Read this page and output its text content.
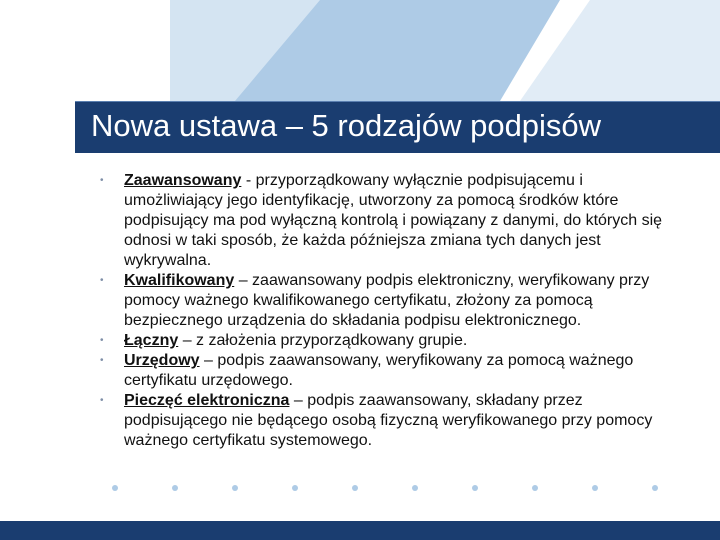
Nowa ustawa – 5 rodzajów podpisów
• Zaawansowany - przyporządkowany wyłącznie podpisującemu i umożliwiający jego identyfikację, utworzony za pomocą środków które podpisujący ma pod wyłączną kontrolą i powiązany z danymi, do których się odnosi w taki sposób, że każda późniejsza zmiana tych danych jest wykrywalna.
• Kwalifikowany – zaawansowany podpis elektroniczny, weryfikowany przy pomocy ważnego kwalifikowanego certyfikatu, złożony za pomocą bezpiecznego urządzenia do składania podpisu elektronicznego.
• Łączny – z założenia przyporządkowany grupie.
• Urzędowy – podpis zaawansowany, weryfikowany za pomocą ważnego certyfikatu urzędowego.
• Pieczęć elektroniczna – podpis zaawansowany, składany przez podpisującego nie będącego osobą fizyczną weryfikowanego przy pomocy ważnego certyfikatu systemowego.
